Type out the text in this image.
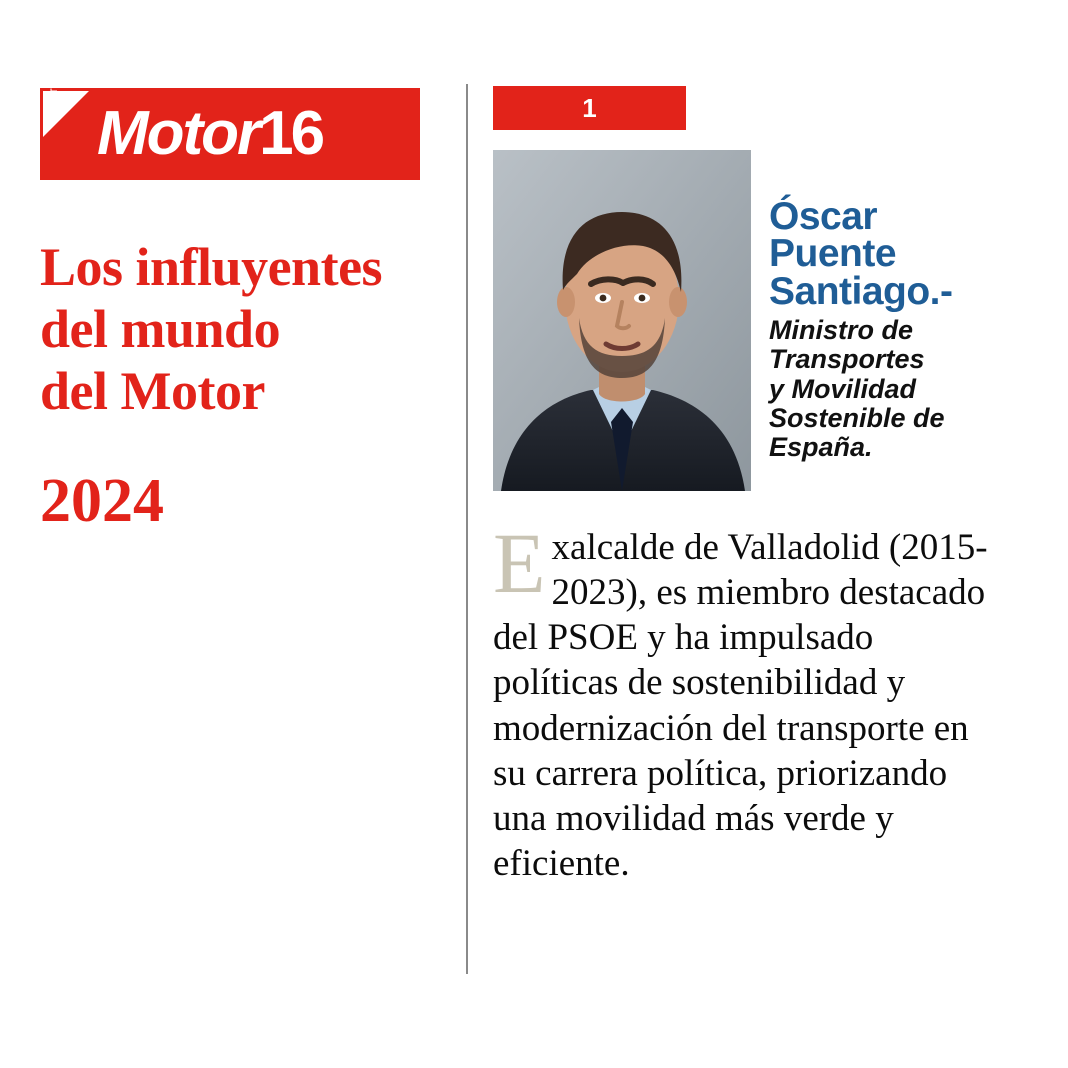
MOTOR16.COM
Motor16
Los influyentes
del mundo
del Motor
2024
1
Óscar
Puente
Santiago.-
Ministro de
Transportes
y Movilidad
Sostenible de
España.
Exalcalde de Valladolid (2015-2023), es miembro destacado del PSOE y ha impulsado políticas de sostenibilidad y modernización del transporte en su carrera política, priorizando una movilidad más verde y eficiente.
